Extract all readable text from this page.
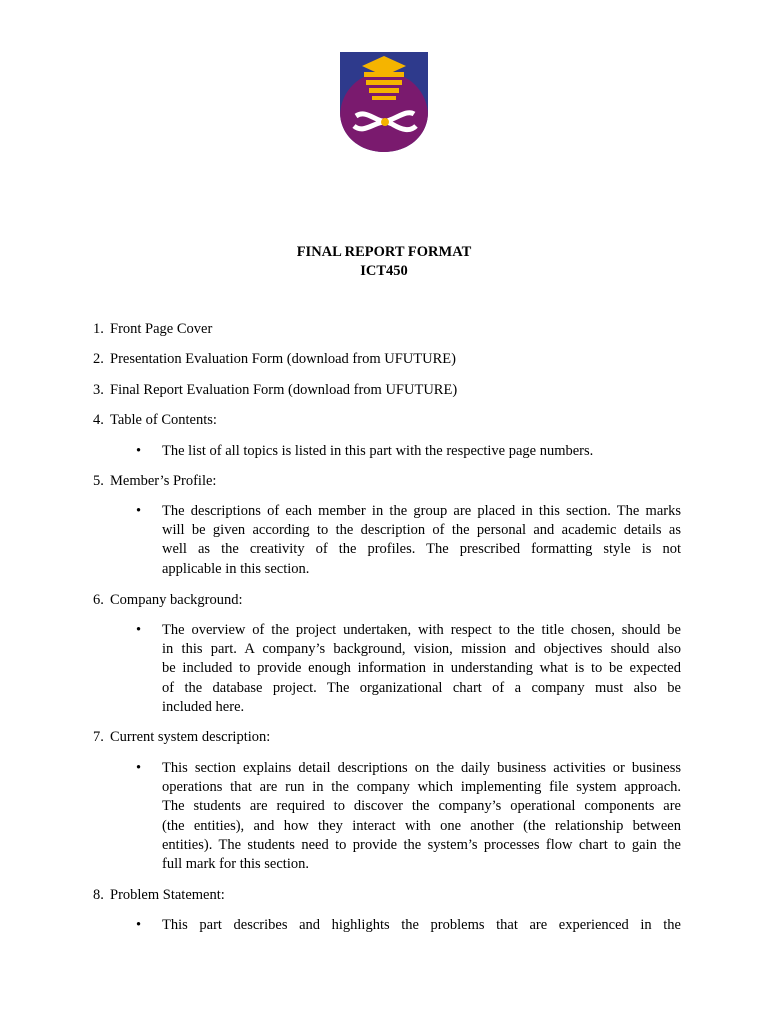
FINAL REPORT FORMAT
ICT450
1. Front Page Cover
2. Presentation Evaluation Form (download from UFUTURE)
3. Final Report Evaluation Form (download from UFUTURE)
4. Table of Contents:
•	The list of all topics is listed in this part with the respective page numbers.
5. Member’s Profile:
•	The descriptions of each member in the group are placed in this section. The marks
will be given according to the description of the personal and academic details as
well as the creativity of the profiles. The prescribed formatting style is not
applicable in this section.
6. Company background:
•	The overview of the project undertaken, with respect to the title chosen, should be
in this part. A company’s background, vision, mission and objectives should also
be included to provide enough information in understanding what is to be expected
of the database project. The organizational chart of a company must also be
included here.
7. Current system description:
•	This section explains detail descriptions on the daily business activities or business
operations that are run in the company which implementing file system approach.
The students are required to discover the company’s operational components are
(the entities), and how they interact with one another (the relationship between
entities). The students need to provide the system’s processes flow chart to gain the
full mark for this section.
8. Problem Statement:
•	This part describes and highlights the problems that are experienced in the
